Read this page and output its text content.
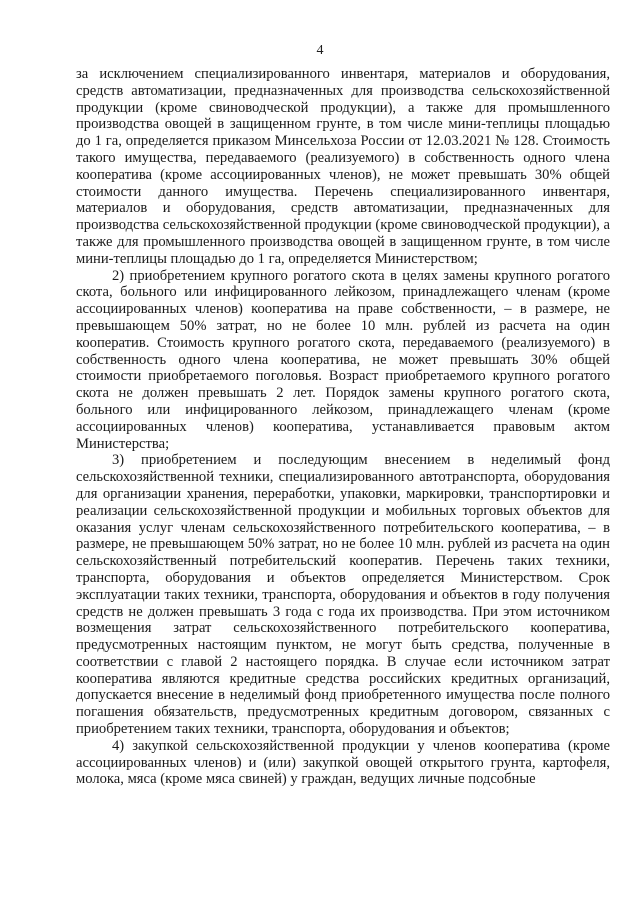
4

за исключением специализированного инвентаря, материалов и оборудования, средств автоматизации, предназначенных для производства сельскохозяйственной продукции (кроме свиноводческой продукции), а также для промышленного производства овощей в защищенном грунте, в том числе мини-теплицы площадью до 1 га, определяется приказом Минсельхоза России от 12.03.2021 № 128. Стоимость такого имущества, передаваемого (реализуемого) в собственность одного члена кооператива (кроме ассоциированных членов), не может превышать 30% общей стоимости данного имущества. Перечень специализированного инвентаря, материалов и оборудования, средств автоматизации, предназначенных для производства сельскохозяйственной продукции (кроме свиноводческой продукции), а также для промышленного производства овощей в защищенном грунте, в том числе мини-теплицы площадью до 1 га, определяется Министерством;

2) приобретением крупного рогатого скота в целях замены крупного рогатого скота, больного или инфицированного лейкозом, принадлежащего членам (кроме ассоциированных членов) кооператива на праве собственности, – в размере, не превышающем 50% затрат, но не более 10 млн. рублей из расчета на один кооператив. Стоимость крупного рогатого скота, передаваемого (реализуемого) в собственность одного члена кооператива, не может превышать 30% общей стоимости приобретаемого поголовья. Возраст приобретаемого крупного рогатого скота не должен превышать 2 лет. Порядок замены крупного рогатого скота, больного или инфицированного лейкозом, принадлежащего членам (кроме ассоциированных членов) кооператива, устанавливается правовым актом Министерства;

3) приобретением и последующим внесением в неделимый фонд сельскохозяйственной техники, специализированного автотранспорта, оборудования для организации хранения, переработки, упаковки, маркировки, транспортировки и реализации сельскохозяйственной продукции и мобильных торговых объектов для оказания услуг членам сельскохозяйственного потребительского кооператива, – в размере, не превышающем 50% затрат, но не более 10 млн. рублей из расчета на один сельскохозяйственный потребительский кооператив. Перечень таких техники, транспорта, оборудования и объектов определяется Министерством. Срок эксплуатации таких техники, транспорта, оборудования и объектов в году получения средств не должен превышать 3 года с года их производства. При этом источником возмещения затрат сельскохозяйственного потребительского кооператива, предусмотренных настоящим пунктом, не могут быть средства, полученные в соответствии с главой 2 настоящего порядка. В случае если источником затрат кооператива являются кредитные средства российских кредитных организаций, допускается внесение в неделимый фонд приобретенного имущества после полного погашения обязательств, предусмотренных кредитным договором, связанных с приобретением таких техники, транспорта, оборудования и объектов;

4) закупкой сельскохозяйственной продукции у членов кооператива (кроме ассоциированных членов) и (или) закупкой овощей открытого грунта, картофеля, молока, мяса (кроме мяса свиней) у граждан, ведущих личные подсобные
